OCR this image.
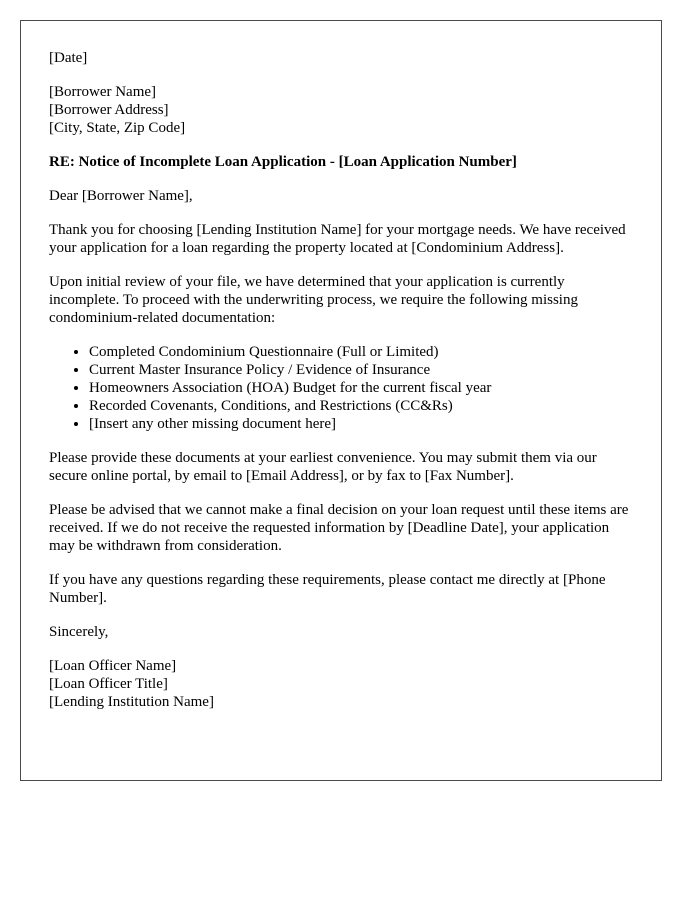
[Date]

[Borrower Name]
[Borrower Address]
[City, State, Zip Code]

RE: Notice of Incomplete Loan Application - [Loan Application Number]

Dear [Borrower Name],

Thank you for choosing [Lending Institution Name] for your mortgage needs. We have received your application for a loan regarding the property located at [Condominium Address].

Upon initial review of your file, we have determined that your application is currently incomplete. To proceed with the underwriting process, we require the following missing condominium-related documentation:

• Completed Condominium Questionnaire (Full or Limited)
• Current Master Insurance Policy / Evidence of Insurance
• Homeowners Association (HOA) Budget for the current fiscal year
• Recorded Covenants, Conditions, and Restrictions (CC&Rs)
• [Insert any other missing document here]

Please provide these documents at your earliest convenience. You may submit them via our secure online portal, by email to [Email Address], or by fax to [Fax Number].

Please be advised that we cannot make a final decision on your loan request until these items are received. If we do not receive the requested information by [Deadline Date], your application may be withdrawn from consideration.

If you have any questions regarding these requirements, please contact me directly at [Phone Number].

Sincerely,

[Loan Officer Name]
[Loan Officer Title]
[Lending Institution Name]
